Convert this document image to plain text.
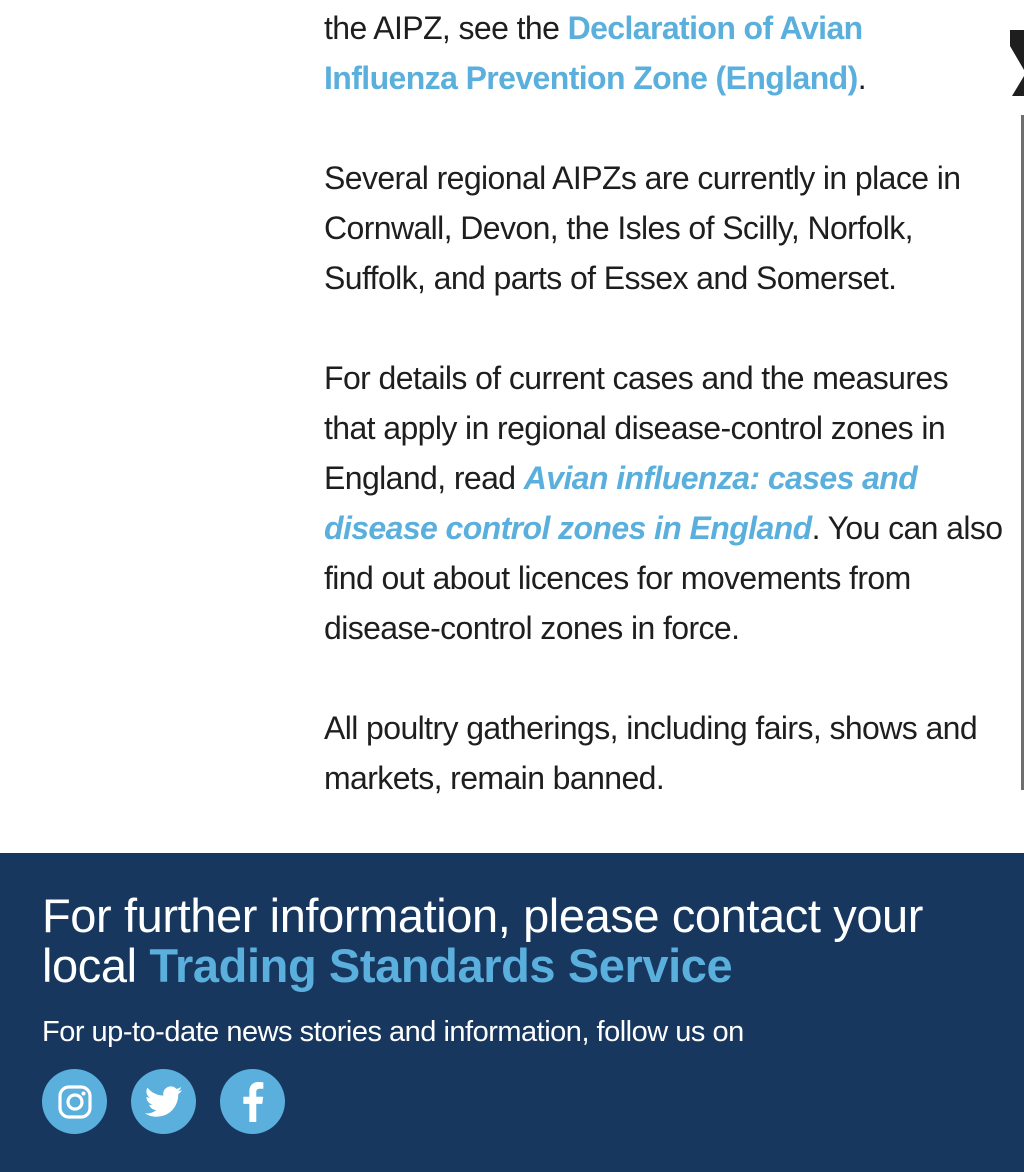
the AIPZ, see the Declaration of Avian Influenza Prevention Zone (England).

Several regional AIPZs are currently in place in Cornwall, Devon, the Isles of Scilly, Norfolk, Suffolk, and parts of Essex and Somerset.

For details of current cases and the measures that apply in regional disease-control zones in England, read Avian influenza: cases and disease control zones in England. You can also find out about licences for movements from disease-control zones in force.

All poultry gatherings, including fairs, shows and markets, remain banned.

For further information, please contact your local Trading Standards Service
For up-to-date news stories and information, follow us on
